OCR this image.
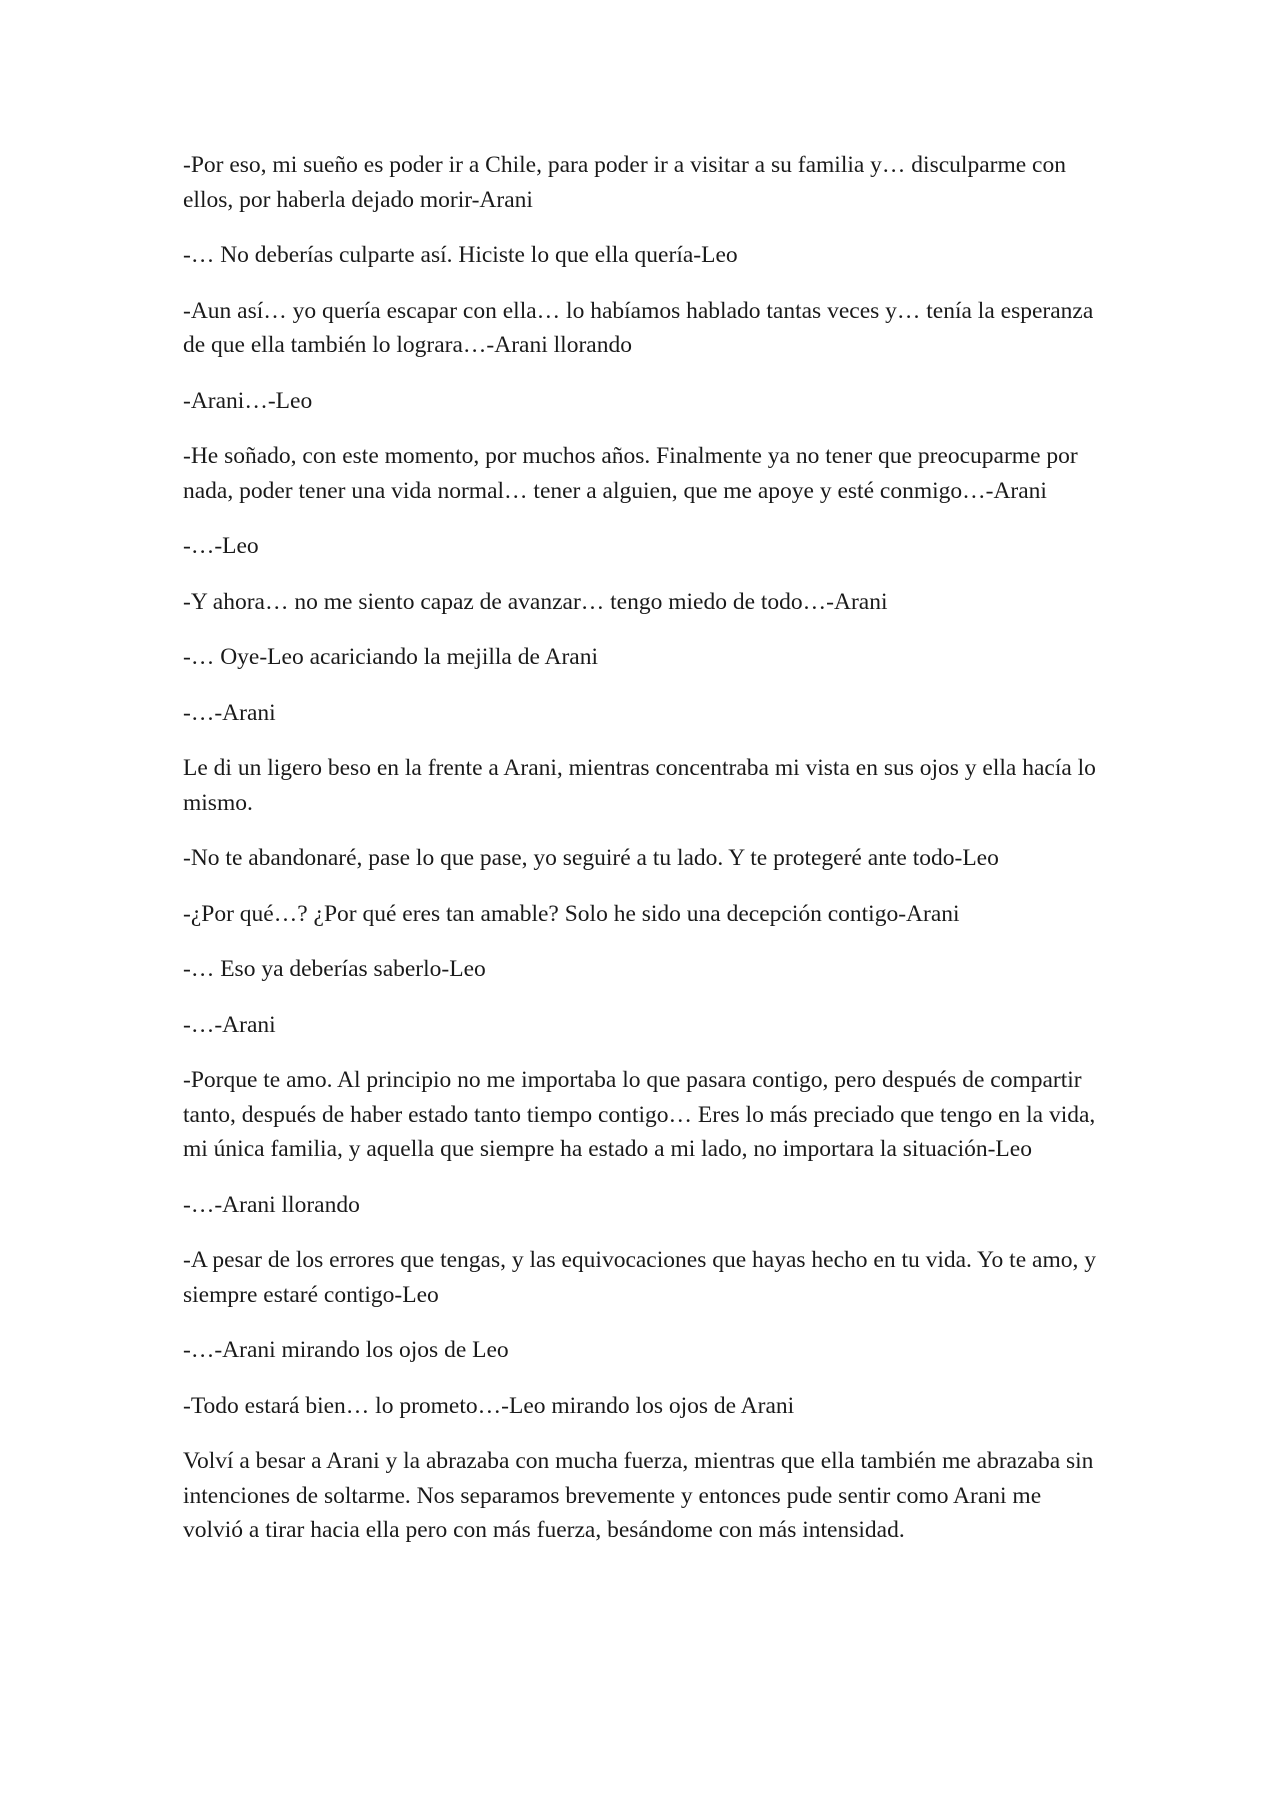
-Por eso, mi sueño es poder ir a Chile, para poder ir a visitar a su familia y… disculparme con ellos, por haberla dejado morir-Arani

-… No deberías culparte así. Hiciste lo que ella quería-Leo

-Aun así… yo quería escapar con ella… lo habíamos hablado tantas veces y… tenía la esperanza de que ella también lo lograra…-Arani llorando

-Arani…-Leo

-He soñado, con este momento, por muchos años. Finalmente ya no tener que preocuparme por nada, poder tener una vida normal… tener a alguien, que me apoye y esté conmigo…-Arani

-…-Leo

-Y ahora… no me siento capaz de avanzar… tengo miedo de todo…-Arani

-… Oye-Leo acariciando la mejilla de Arani

-…-Arani

Le di un ligero beso en la frente a Arani, mientras concentraba mi vista en sus ojos y ella hacía lo mismo.

-No te abandonaré, pase lo que pase, yo seguiré a tu lado. Y te protegeré ante todo-Leo

-¿Por qué…? ¿Por qué eres tan amable? Solo he sido una decepción contigo-Arani

-… Eso ya deberías saberlo-Leo

-…-Arani

-Porque te amo. Al principio no me importaba lo que pasara contigo, pero después de compartir tanto, después de haber estado tanto tiempo contigo… Eres lo más preciado que tengo en la vida, mi única familia, y aquella que siempre ha estado a mi lado, no importara la situación-Leo

-…-Arani llorando

-A pesar de los errores que tengas, y las equivocaciones que hayas hecho en tu vida. Yo te amo, y siempre estaré contigo-Leo

-…-Arani mirando los ojos de Leo

-Todo estará bien… lo prometo…-Leo mirando los ojos de Arani

Volví a besar a Arani y la abrazaba con mucha fuerza, mientras que ella también me abrazaba sin intenciones de soltarme. Nos separamos brevemente y entonces pude sentir como Arani me volvió a tirar hacia ella pero con más fuerza, besándome con más intensidad.
